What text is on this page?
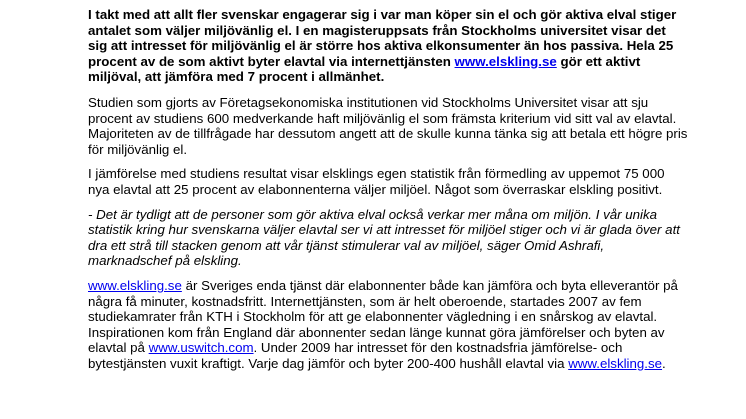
I takt med att allt fler svenskar engagerar sig i var man köper sin el och gör aktiva elval stiger antalet som väljer miljövänlig el. I en magisteruppsats från Stockholms universitet visar det sig att intresset för miljövänlig el är större hos aktiva elkonsumenter än hos passiva. Hela 25 procent av de som aktivt byter elavtal via internettjänsten www.elskling.se gör ett aktivt miljöval, att jämföra med 7 procent i allmänhet.

Studien som gjorts av Företagsekonomiska institutionen vid Stockholms Universitet visar att sju procent av studiens 600 medverkande haft miljövänlig el som främsta kriterium vid sitt val av elavtal. Majoriteten av de tillfrågade har dessutom angett att de skulle kunna tänka sig att betala ett högre pris för miljövänlig el.

I jämförelse med studiens resultat visar elsklings egen statistik från förmedling av uppemot 75 000 nya elavtal att 25 procent av elabonnenterna väljer miljöel. Något som överraskar elskling positivt.

- Det är tydligt att de personer som gör aktiva elval också verkar mer måna om miljön. I vår unika statistik kring hur svenskarna väljer elavtal ser vi att intresset för miljöel stiger och vi är glada över att dra ett strå till stacken genom att vår tjänst stimulerar val av miljöel, säger Omid Ashrafi, marknadschef på elskling.

www.elskling.se är Sveriges enda tjänst där elabonnenter både kan jämföra och byta elleverantör på några få minuter, kostnadsfritt. Internettjänsten, som är helt oberoende, startades 2007 av fem studiekamrater från KTH i Stockholm för att ge elabonnenter vägledning i en snårskog av elavtal. Inspirationen kom från England där abonnenter sedan länge kunnat göra jämförelser och byten av elavtal på www.uswitch.com. Under 2009 har intresset för den kostnadsfria jämförelse- och bytestjänsten vuxit kraftigt. Varje dag jämför och byter 200-400 hushåll elavtal via www.elskling.se.
